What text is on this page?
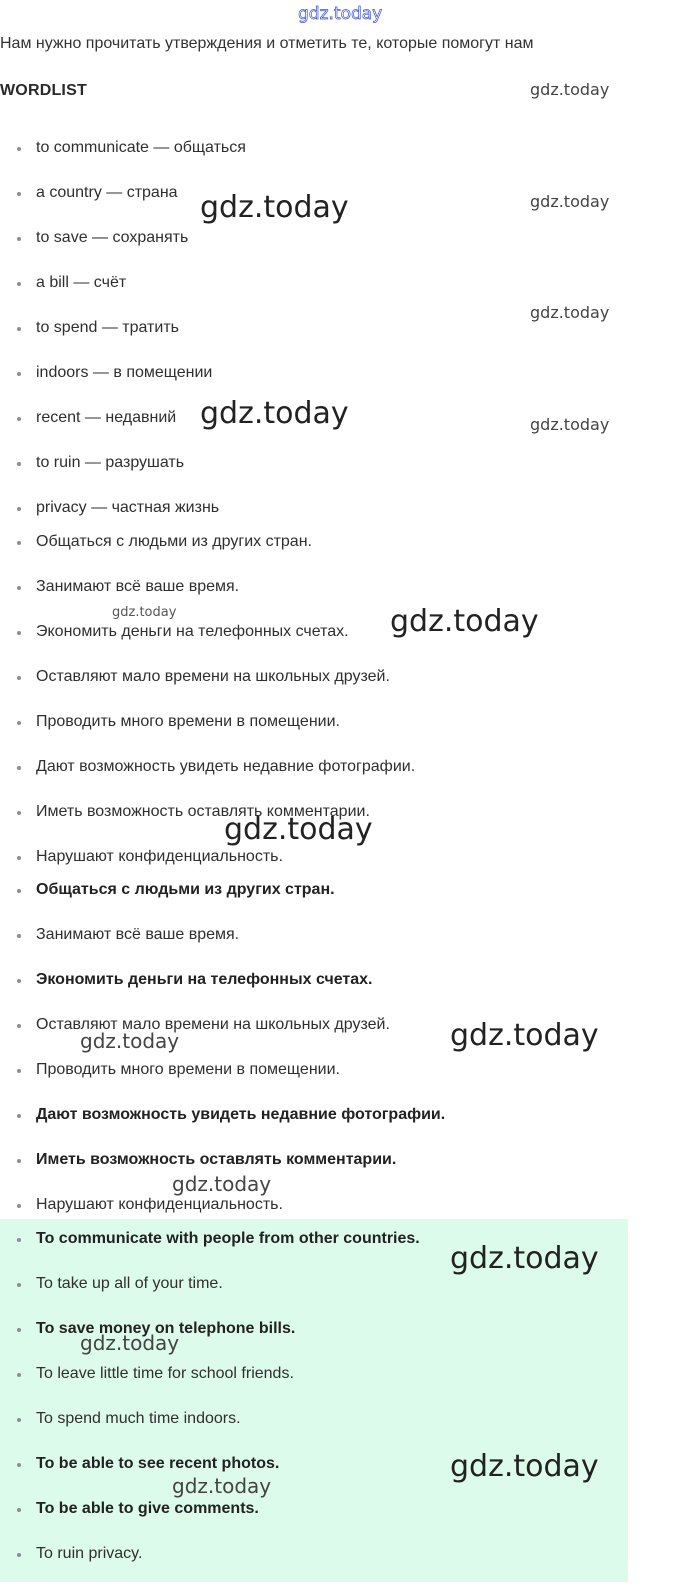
gdz.today
Нам нужно прочитать утверждения и отметить те, которые помогут нам
WORDLIST
to communicate — общаться
a country — страна
to save — сохранять
a bill — счёт
to spend — тратить
indoors — в помещении
recent — недавний
to ruin — разрушать
privacy — частная жизнь
Общаться с людьми из других стран.
Занимают всё ваше время.
Экономить деньги на телефонных счетах.
Оставляют мало времени на школьных друзей.
Проводить много времени в помещении.
Дают возможность увидеть недавние фотографии.
Иметь возможность оставлять комментарии.
Нарушают конфиденциальность.
Общаться с людьми из других стран.
Занимают всё ваше время.
Экономить деньги на телефонных счетах.
Оставляют мало времени на школьных друзей.
Проводить много времени в помещении.
Дают возможность увидеть недавние фотографии.
Иметь возможность оставлять комментарии.
Нарушают конфиденциальность.
To communicate with people from other countries.
To take up all of your time.
To save money on telephone bills.
To leave little time for school friends.
To spend much time indoors.
To be able to see recent photos.
To be able to give comments.
To ruin privacy.
gdz.today
gdz.today
gdz.today
gdz.today
gdz.today
gdz.today
gdz.today	gdz.today
gdz.today
gdz.today
gdz.today
gdz.today
gdz.today
gdz.today
gdz.today
gdz.today
